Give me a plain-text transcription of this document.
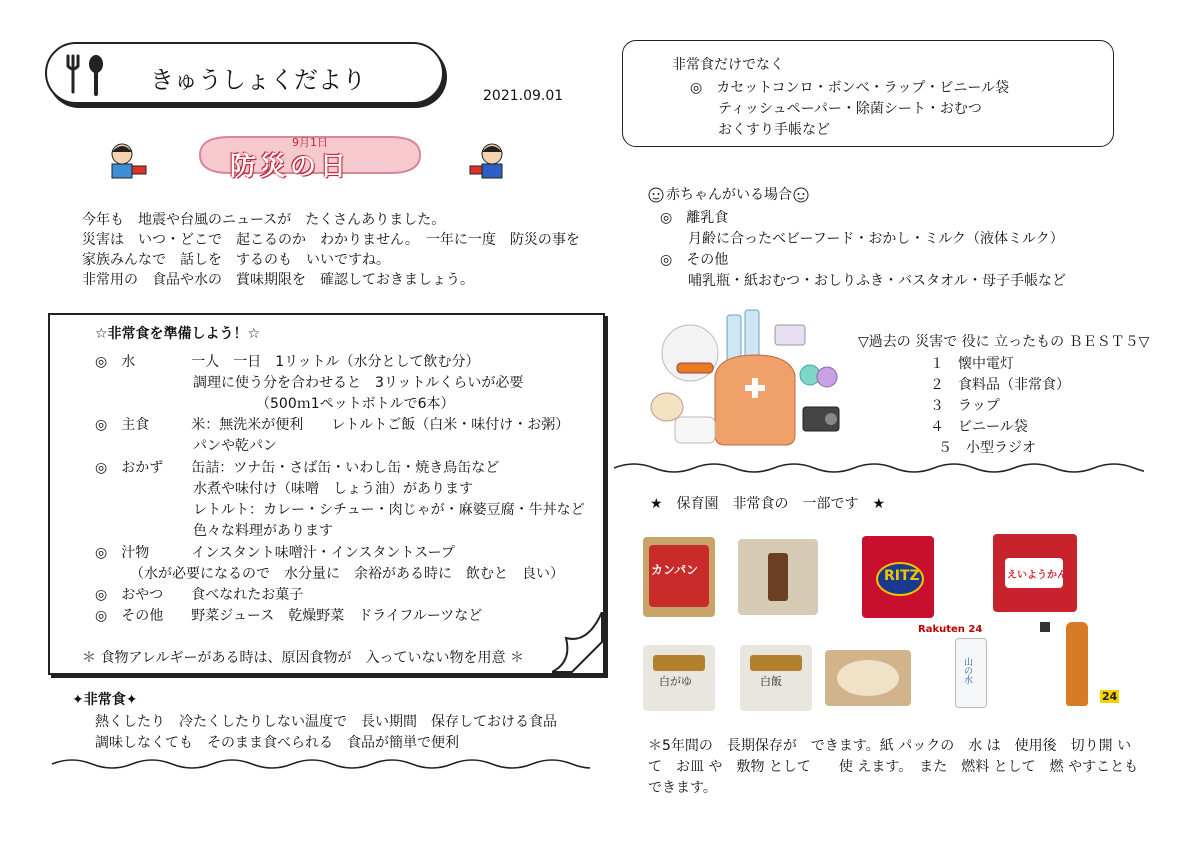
きゅうしょくだより
2021.09.01
9月1日
防災の日
今年も　地震や台風のニュースが　たくさんありました。
災害は　いつ・どこで　起こるのか　わかりません。　一年に一度　防災の事を
家族みんなで　話しを　するのも　いいですね。
非常用の　食品や水の　賞味期限を　確認しておきましょう。
☆非常食を準備しよう！☆
◎　水　　　　一人　一日　1リットル（水分として飲む分）
　　　　　　　調理に使う分を合わせると　3リットルくらいが必要
　　　　　　　　　　　　（500ｍ1ペットボトルで6本）
◎　主食　　　米：無洗米が便利　　レトルトご飯（白米・味付け・お粥）
　　　　　　　パンや乾パン
◎　おかず　　缶詰：ツナ缶・さば缶・いわし缶・焼き鳥缶など
　　　　　　　水煮や味付け（味噌　しょう油）があります
　　　　　　　レトルト：カレー・シチュー・肉じゃが・麻婆豆腐・牛丼など
　　　　　　　色々な料理があります
◎　汁物　　　インスタント味噌汁・インスタントスープ
　　　（水が必要になるので　水分量に　余裕がある時に　飲むと　良い）
◎　おやつ　　食べなれたお菓子
◎　その他　　野菜ジュース　乾燥野菜　ドライフルーツなど
＊ 食物アレルギーがある時は、原因食物が　入っていない物を用意 ＊
✦非常食✦
熱くしたり　冷たくしたりしない温度で　長い期間　保存しておける食品
調味しなくても　そのまま食べられる　食品が簡単で便利
非常食だけでなく
◎　カセットコンロ・ボンベ・ラップ・ビニール袋
　　ティッシュペーパー・除菌シート・おむつ
　　おくすり手帳など
赤ちゃんがいる場合
◎　離乳食
　　月齢に合ったベビーフード・おかし・ミルク（液体ミルク）
◎　その他
　　哺乳瓶・紙おむつ・おしりふき・バスタオル・母子手帳など
▽過去の 災害で 役に 立ったもの ＢＥＳＴ５▽
１　懐中電灯
２　食料品（非常食）
３　ラップ
４　ビニール袋
５　小型ラジオ
★　保育園　非常食の　一部です　★
カンパン	RITZ	えいようかん
白がゆ	白飯
Rakuten 24
山の水
24
＊5年間の　長期保存が　できます。紙 パックの　水 は　使用後　切り開 い
て　お皿 や　敷物 として　　使 えます。　また　燃料 として　燃 やすことも
できます。
